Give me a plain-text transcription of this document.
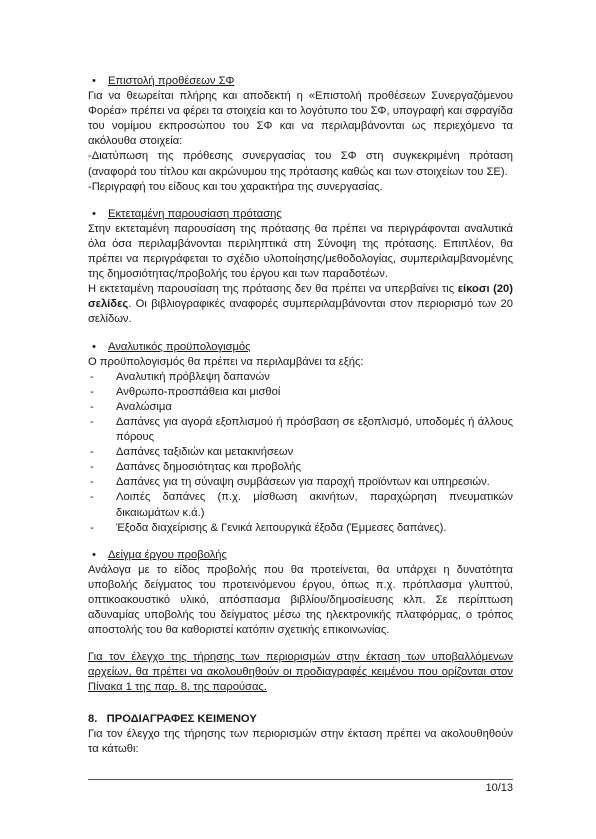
• Επιστολή προθέσεων ΣΦ

Για να θεωρείται πλήρης και αποδεκτή η «Επιστολή προθέσεων Συνεργαζόμενου Φορέα» πρέπει να φέρει τα στοιχεία και το λογότυπο του ΣΦ, υπογραφή και σφραγίδα του νομίμου εκπροσώπου του ΣΦ και να περιλαμβάνονται ως περιεχόμενο τα ακόλουθα στοιχεία:

-Διατύπωση της πρόθεσης συνεργασίας του ΣΦ στη συγκεκριμένη πρόταση (αναφορά του τίτλου και ακρώνυμου της πρότασης καθώς και των στοιχείων του ΣΕ).

-Περιγραφή του είδους και του χαρακτήρα της συνεργασίας.

• Εκτεταμένη παρουσίαση πρότασης

Στην εκτεταμένη παρουσίαση της πρότασης θα πρέπει να περιγράφονται αναλυτικά όλα όσα περιλαμβάνονται περιληπτικά στη Σύνοψη της πρότασης. Επιπλέον, θα πρέπει να περιγράφεται το σχέδιο υλοποίησης/μεθοδολογίας, συμπεριλαμβανομένης της δημοσιότητας/προβολής του έργου και των παραδοτέων.

Η εκτεταμένη παρουσίαση της πρότασης δεν θα πρέπει να υπερβαίνει τις είκοσι (20) σελίδες. Οι βιβλιογραφικές αναφορές συμπεριλαμβάνονται στον περιορισμό των 20 σελίδων.

• Αναλυτικός προϋπολογισμός

Ο προϋπολογισμός θα πρέπει να περιλαμβάνει τα εξής:

- Αναλυτική πρόβλεψη δαπανών
- Ανθρωπο-προσπάθεια και μισθοί
- Αναλώσιμα
- Δαπάνες για αγορά εξοπλισμού ή πρόσβαση σε εξοπλισμό, υποδομές ή άλλους πόρους
- Δαπάνες ταξιδιών και μετακινήσεων
- Δαπάνες δημοσιότητας και προβολής
- Δαπάνες για τη σύναψη συμβάσεων για παροχή προϊόντων και υπηρεσιών.
- Λοιπές δαπάνες (π.χ. μίσθωση ακινήτων, παραχώρηση πνευματικών δικαιωμάτων κ.ά.)
- Έξοδα διαχείρισης & Γενικά λειτουργικά έξοδα (Έμμεσες δαπάνες).
• Δείγμα έργου προβολής

Ανάλογα με το είδος προβολής που θα προτείνεται, θα υπάρχει η δυνατότητα υποβολής δείγματος του προτεινόμενου έργου, όπως π.χ. πρόπλασμα γλυπτού, οπτικοακουστικό υλικό, απόσπασμα βιβλίου/δημοσίευσης κλπ. Σε περίπτωση αδυναμίας υποβολής του δείγματος μέσω της ηλεκτρονικής πλατφόρμας, ο τρόπος αποστολής του θα καθοριστεί κατόπιν σχετικής επικοινωνίας.

Για τον έλεγχο της τήρησης των περιορισμών στην έκταση των υποβαλλόμενων αρχείων, θα πρέπει να ακολουθηθούν οι προδιαγραφές κειμένου που ορίζονται στον Πίνακα 1 της παρ. 8. της παρούσας.

8.   ΠΡΟΔΙΑΓΡΑΦΕΣ ΚΕΙΜΕΝΟΥ

Για τον έλεγχο της τήρησης των περιορισμών στην έκταση πρέπει να ακολουθηθούν τα κάτωθι:

10/13
